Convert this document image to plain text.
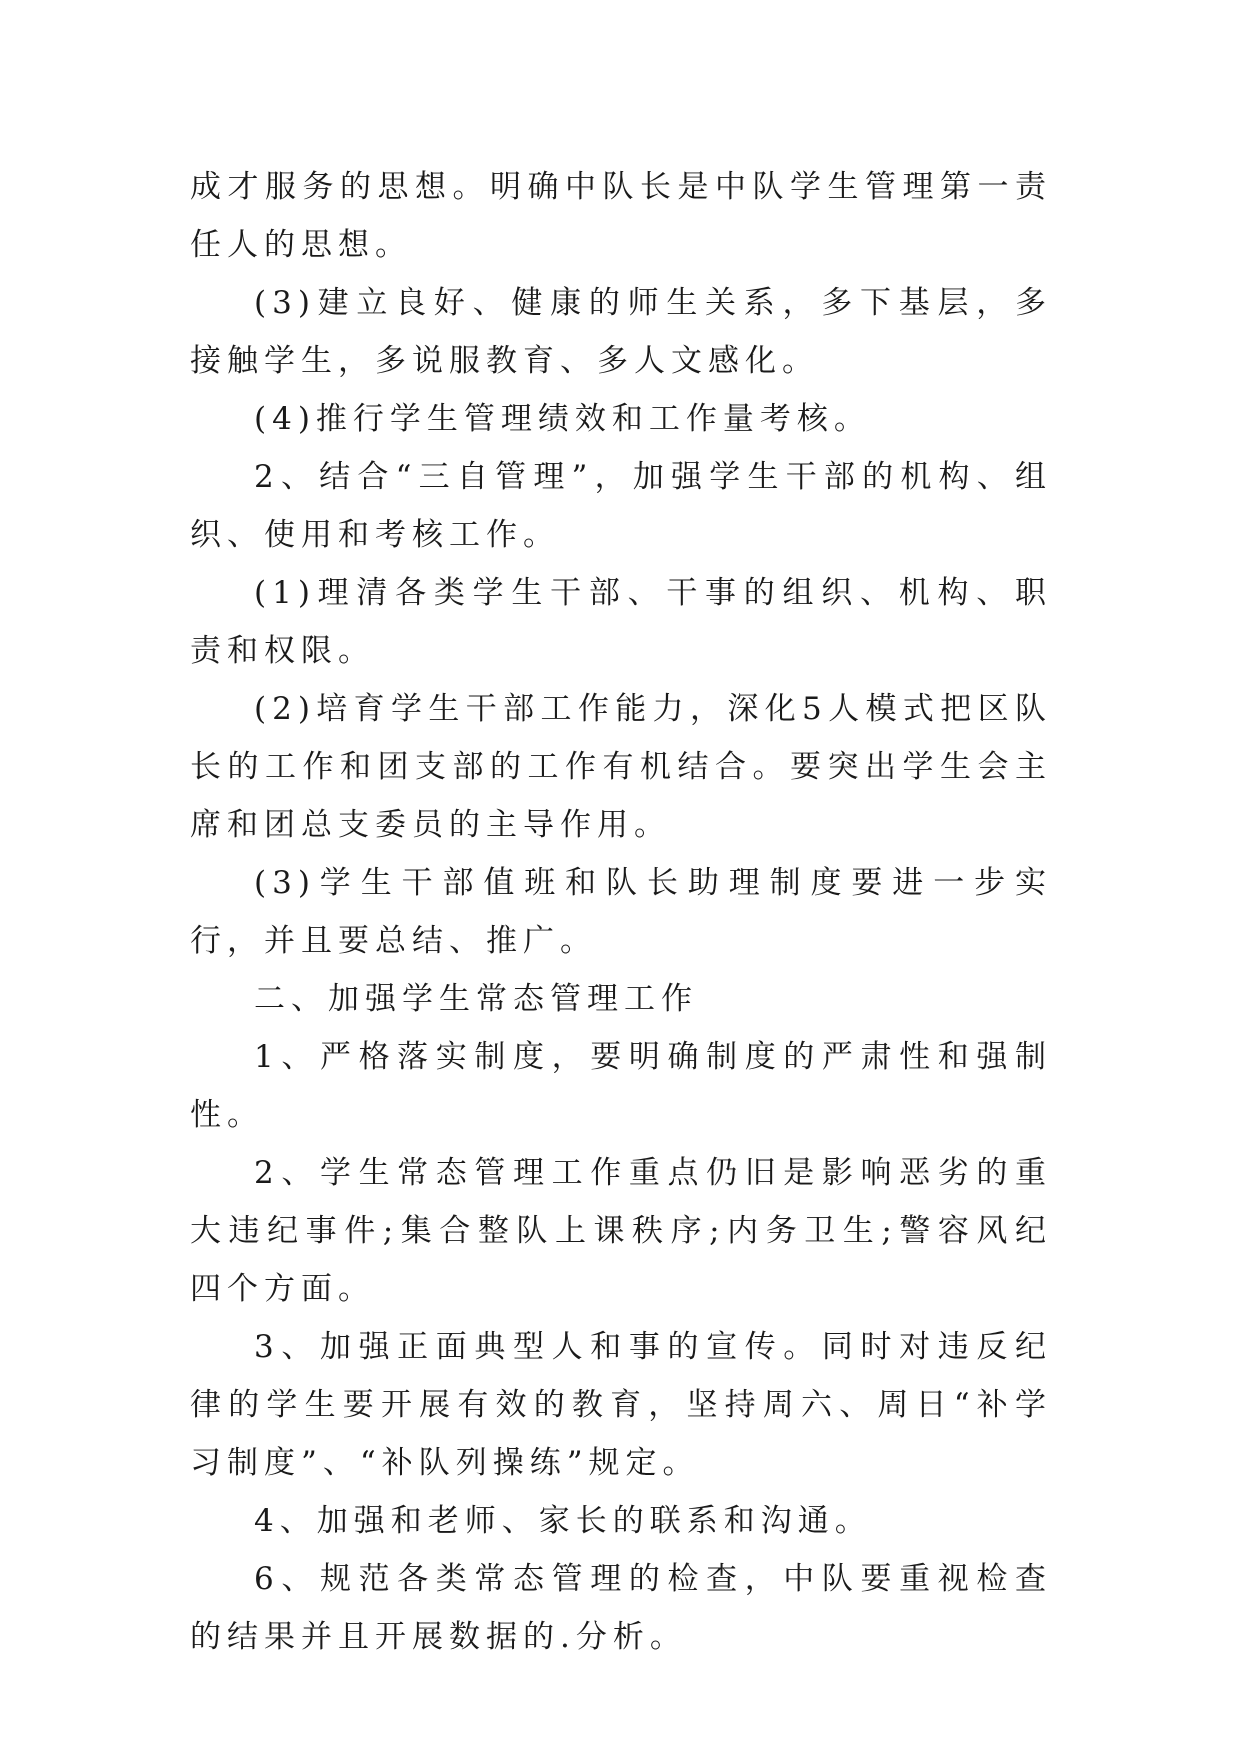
成才服务的思想。明确中队长是中队学生管理第一责任人的思想。

(3)建立良好、健康的师生关系，多下基层，多接触学生，多说服教育、多人文感化。

(4)推行学生管理绩效和工作量考核。

2、结合“三自管理”，加强学生干部的机构、组织、使用和考核工作。

(1)理清各类学生干部、干事的组织、机构、职责和权限。

(2)培育学生干部工作能力，深化5人模式把区队长的工作和团支部的工作有机结合。要突出学生会主席和团总支委员的主导作用。

(3)学生干部值班和队长助理制度要进一步实行，并且要总结、推广。

二、加强学生常态管理工作

1、严格落实制度，要明确制度的严肃性和强制性。

2、学生常态管理工作重点仍旧是影响恶劣的重大违纪事件;集合整队上课秩序;内务卫生;警容风纪四个方面。

3、加强正面典型人和事的宣传。同时对违反纪律的学生要开展有效的教育，坚持周六、周日“补学习制度”、“补队列操练”规定。

4、加强和老师、家长的联系和沟通。

6、规范各类常态管理的检查，中队要重视检查的结果并且开展数据的.分析。
